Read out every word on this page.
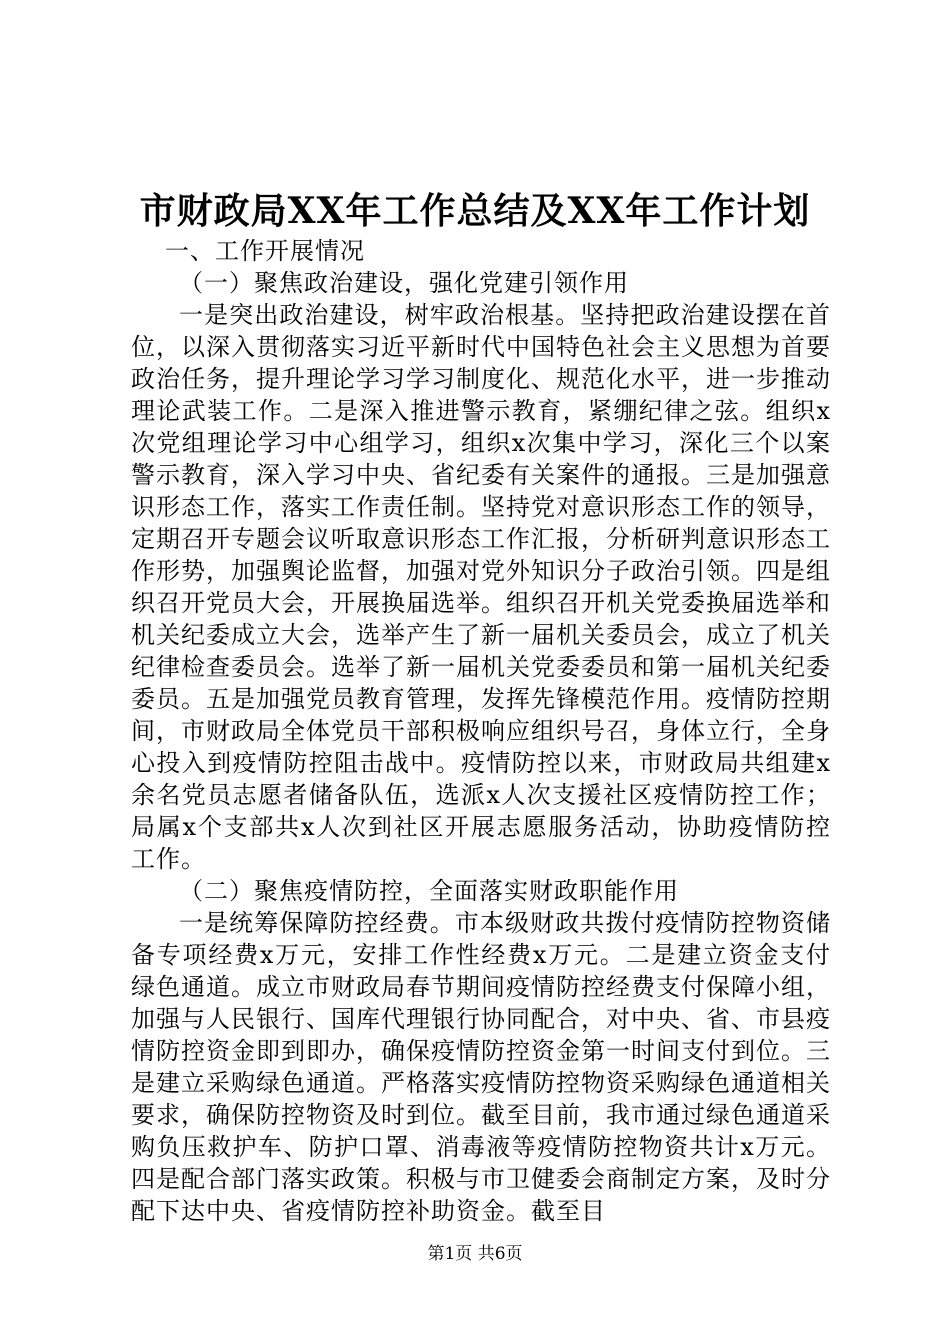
市财政局XX年工作总结及XX年工作计划

一、工作开展情况

（一）聚焦政治建设，强化党建引领作用

一是突出政治建设，树牢政治根基。坚持把政治建设摆在首位，以深入贯彻落实习近平新时代中国特色社会主义思想为首要政治任务，提升理论学习学习制度化、规范化水平，进一步推动理论武装工作。二是深入推进警示教育，紧绷纪律之弦。组织x次党组理论学习中心组学习，组织x次集中学习，深化三个以案警示教育，深入学习中央、省纪委有关案件的通报。三是加强意识形态工作，落实工作责任制。坚持党对意识形态工作的领导，定期召开专题会议听取意识形态工作汇报，分析研判意识形态工作形势，加强舆论监督，加强对党外知识分子政治引领。四是组织召开党员大会，开展换届选举。组织召开机关党委换届选举和机关纪委成立大会，选举产生了新一届机关委员会，成立了机关纪律检查委员会。选举了新一届机关党委委员和第一届机关纪委委员。五是加强党员教育管理，发挥先锋模范作用。疫情防控期间，市财政局全体党员干部积极响应组织号召，身体立行，全身心投入到疫情防控阻击战中。疫情防控以来，市财政局共组建x余名党员志愿者储备队伍，选派x人次支援社区疫情防控工作；局属x个支部共x人次到社区开展志愿服务活动，协助疫情防控工作。

（二）聚焦疫情防控，全面落实财政职能作用

一是统筹保障防控经费。市本级财政共拨付疫情防控物资储备专项经费x万元，安排工作性经费x万元。二是建立资金支付绿色通道。成立市财政局春节期间疫情防控经费支付保障小组，加强与人民银行、国库代理银行协同配合，对中央、省、市县疫情防控资金即到即办，确保疫情防控资金第一时间支付到位。三是建立采购绿色通道。严格落实疫情防控物资采购绿色通道相关要求，确保防控物资及时到位。截至目前，我市通过绿色通道采购负压救护车、防护口罩、消毒液等疫情防控物资共计x万元。四是配合部门落实政策。积极与市卫健委会商制定方案，及时分配下达中央、省疫情防控补助资金。截至目

第1页 共6页
